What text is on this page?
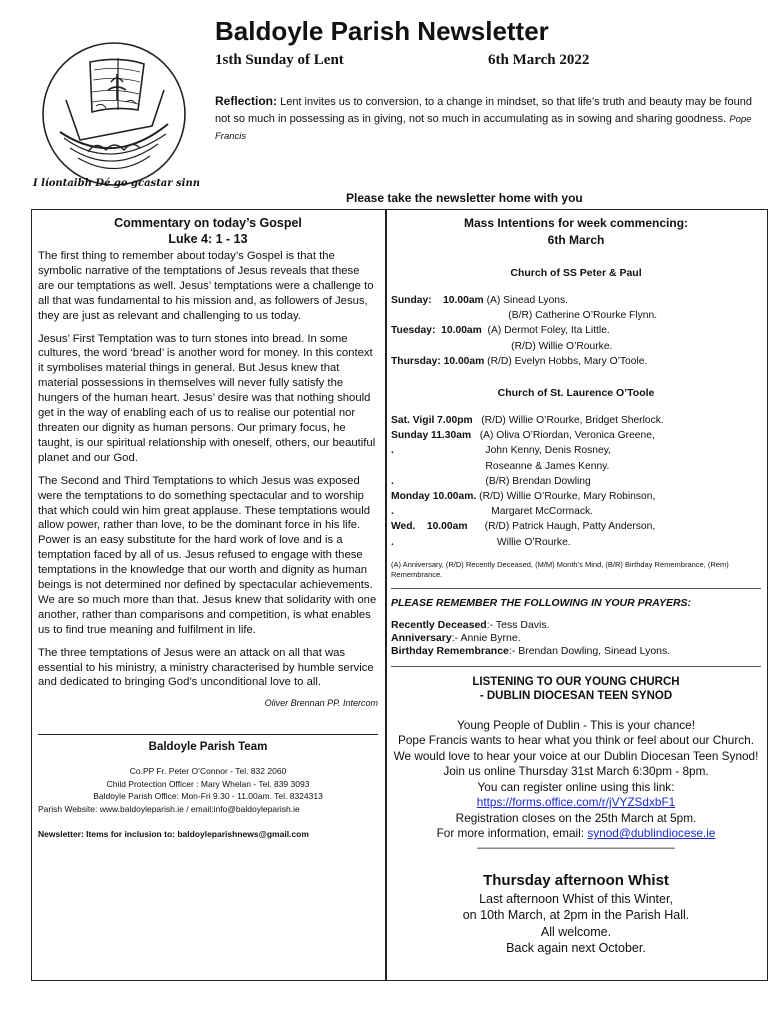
I líontaibh Dé go gcastar sinn
Baldoyle Parish Newsletter
1sth Sunday of Lent	6th March 2022
Reflection: Lent invites us to conversion, to a change in mindset, so that life’s truth and beauty may be found not so much in possessing as in giving, not so much in accumulating as in sowing and sharing goodness. Pope Francis
Please take the newsletter home with you
Commentary on today’s Gospel
Luke 4: 1 - 13

The first thing to remember about today’s Gospel is that the symbolic narrative of the temptations of Jesus reveals that these are our temptations as well. Jesus’ temptations were a challenge to all that was fundamental to his mission and, as followers of Jesus, they are just as relevant and challenging to us today.

Jesus’ First Temptation was to turn stones into bread. In some cultures, the word ‘bread’ is another word for money. In this context it symbolises material things in general. But Jesus knew that material possessions in themselves will never fully satisfy the hungers of the human heart. Jesus’ desire was that nothing should get in the way of enabling each of us to realise our potential nor threaten our dignity as human persons. Our primary focus, he taught, is our spiritual relationship with oneself, others, our beautiful planet and our God.

The Second and Third Temptations to which Jesus was exposed were the temptations to do something spectacular and to worship that which could win him great applause. These temptations would allow power, rather than love, to be the dominant force in his life. Power is an easy substitute for the hard work of love and is a temptation faced by all of us. Jesus refused to engage with these temptations in the knowledge that our worth and dignity as human beings is not determined nor defined by spectacular achievements. We are so much more than that. Jesus knew that solidarity with one another, rather than comparisons and competition, is what enables us to find true meaning and fulfilment in life.

The three temptations of Jesus were an attack on all that was essential to his ministry, a ministry characterised by humble service and dedicated to bringing God’s unconditional love to all.

Oliver Brennan PP. Intercom
Baldoyle Parish Team
Co.PP Fr. Peter O’Connor - Tel. 832 2060
Child Protection Officer : Mary Whelan - Tel. 839 3093
Baldoyle Parish Office: Mon-Fri 9.30 - 11.00am. Tel. 8324313
Parish Website: www.baldoyleparish.ie / email:info@baldoyleparish.ie
Newsletter: Items for inclusion to: baldoyleparishnews@gmail.com
Mass Intentions for week commencing:
6th March
Church of SS Peter & Paul
Sunday:    10.00am (A) Sinead Lyons.
(B/R) Catherine O’Rourke Flynn.
Tuesday:  10.00am (A) Dermot Foley, Ita Little.
(R/D) Willie O’Rourke.
Thursday: 10.00am (R/D) Evelyn Hobbs, Mary O’Toole.
Church of St. Laurence O’Toole
Sat. Vigil 7.00pm (R/D) Willie O’Rourke, Bridget Sherlock.
Sunday 11.30am (A) Oliva O’Riordan, Veronica Greene,
. John Kenny, Denis Rosney,
Roseanne & James Kenny.
. (B/R) Brendan Dowling
Monday 10.00am. (R/D) Willie O’Rourke, Mary Robinson,
. Margaret McCormack.
Wed.    10.00am (R/D) Patrick Haugh, Patty Anderson,
. Willie O’Rourke.
(A) Anniversary, (R/D) Recently Deceased, (M/M) Month’s Mind, (B/R) Birthday Remembrance, (Rem) Remembrance.
PLEASE REMEMBER THE FOLLOWING IN YOUR PRAYERS:
Recently Deceased:- Tess Davis.
Anniversary:- Annie Byrne.
Birthday Remembrance:- Brendan Dowling, Sinead Lyons.
LISTENING TO OUR YOUNG CHURCH
- DUBLIN DIOCESAN TEEN SYNOD
Young People of Dublin - This is your chance!
Pope Francis wants to hear what you think or feel about our Church. We would love to hear your voice at our Dublin Diocesan Teen Synod!
Join us online Thursday 31st March 6:30pm - 8pm.
You can register online using this link:
https://forms.office.com/r/jVYZSdxbF1
Registration closes on the 25th March at 5pm.
For more information, email: synod@dublindiocese.ie
——————————————————
Thursday afternoon Whist
Last afternoon Whist of this Winter,
on 10th March, at 2pm in the Parish Hall.
All welcome.
Back again next October.
